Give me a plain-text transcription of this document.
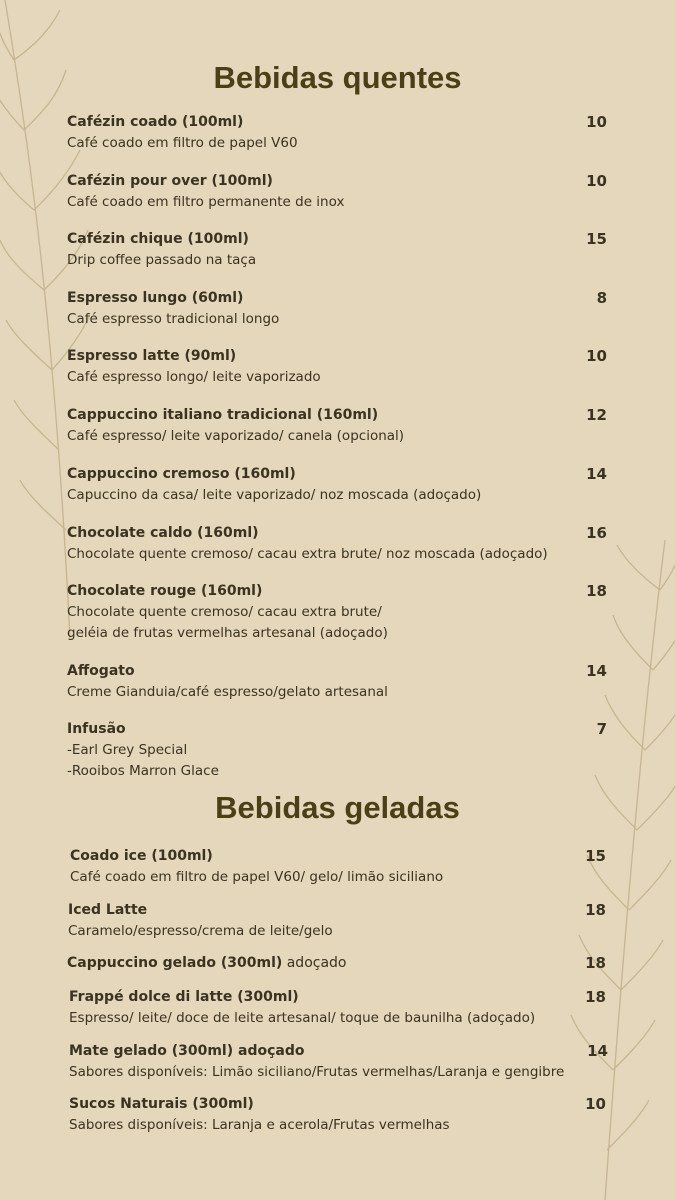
Bebidas quentes
Cafézin coado (100ml)
Café coado em filtro de papel V60
10
Cafézin pour over (100ml)
Café coado em filtro permanente de inox
10
Cafézin chique (100ml)
Drip coffee passado na taça
15
Espresso lungo (60ml)
Café espresso tradicional longo
8
Espresso latte (90ml)
Café espresso longo/ leite vaporizado
10
Cappuccino italiano tradicional (160ml)
Café espresso/ leite vaporizado/ canela (opcional)
12
Cappuccino cremoso (160ml)
Capuccino da casa/ leite vaporizado/ noz moscada (adoçado)
14
Chocolate caldo (160ml)
Chocolate quente cremoso/ cacau extra brute/ noz moscada (adoçado)
16
Chocolate rouge (160ml)
Chocolate quente cremoso/ cacau extra brute/
geléia de frutas vermelhas artesanal (adoçado)
18
Affogato
Creme Gianduia/café espresso/gelato artesanal
14
Infusão
-Earl Grey Special
-Rooibos Marron Glace
7
Bebidas geladas
Coado ice (100ml)
Café coado em filtro de papel V60/ gelo/ limão siciliano
15
Iced Latte
Caramelo/espresso/crema de leite/gelo
18
Cappuccino gelado (300ml) adoçado	18
Frappé dolce di latte (300ml)
Espresso/ leite/ doce de leite artesanal/ toque de baunilha (adoçado)
18
Mate gelado (300ml) adoçado
Sabores disponíveis: Limão siciliano/Frutas vermelhas/Laranja e gengibre
14
Sucos Naturais (300ml)
Sabores disponíveis: Laranja e acerola/Frutas vermelhas
10
